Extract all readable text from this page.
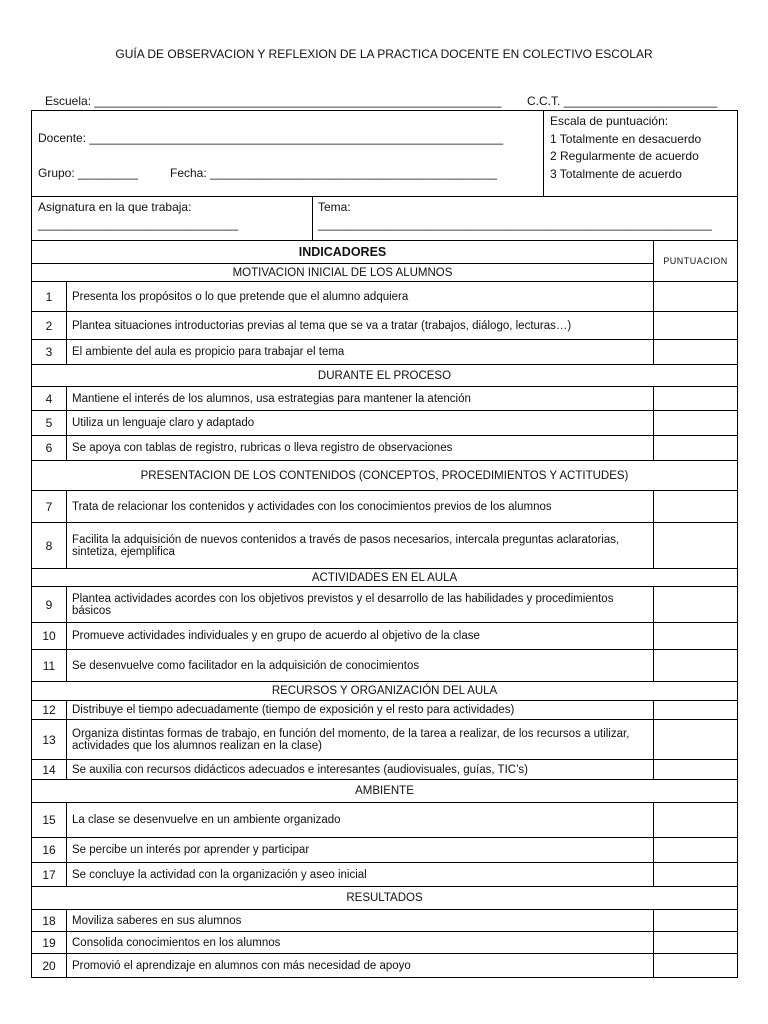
GUÍA DE OBSERVACION Y REFLEXION DE LA PRACTICA DOCENTE EN COLECTIVO ESCOLAR
Escuela: _____________________________________________________________ C.C.T. _______________________
Docente: ______________________________________________________________
Grupo: _________	Fecha: ___________________________________________
Escala de puntuación:
1 Totalmente en desacuerdo
2 Regularmente de acuerdo
3 Totalmente de acuerdo
Asignatura en la que trabaja:
______________________________
Tema:
___________________________________________________________
INDICADORES		PUNTUACION
MOTIVACION INICIAL DE LOS ALUMNOS		
1	Presenta los propósitos o lo que pretende que el alumno adquiera	
2	Plantea situaciones introductorias previas al tema que se va a tratar (trabajos, diálogo, lecturas…)	
3	El ambiente del aula es propicio para trabajar el tema	
DURANTE EL PROCESO		
4	Mantiene el interés de los alumnos, usa estrategias para mantener la atención	
5	Utiliza un lenguaje claro y adaptado	
6	Se apoya con tablas de registro, rubricas o lleva registro de observaciones	
PRESENTACION DE LOS CONTENIDOS (CONCEPTOS, PROCEDIMIENTOS Y ACTITUDES)		
7	Trata de relacionar los contenidos y actividades con los conocimientos previos de los alumnos	
8	Facilita la adquisición de nuevos contenidos a través de pasos necesarios, intercala preguntas aclaratorias, sintetiza, ejemplifica	
ACTIVIDADES EN EL AULA		
9	Plantea actividades acordes con los objetivos previstos y el desarrollo de las habilidades y procedimientos básicos	
10	Promueve actividades individuales y en grupo de acuerdo al objetivo de la clase	
11	Se desenvuelve como facilitador en la adquisición de conocimientos	
RECURSOS Y ORGANIZACIÓN DEL AULA		
12	Distribuye el tiempo adecuadamente (tiempo de exposición y el resto para actividades)	
13	Organiza distintas formas de trabajo, en función del momento, de la tarea a realizar, de los recursos a utilizar, actividades que los alumnos realizan en la clase)	
14	Se auxilia con recursos didácticos adecuados e interesantes (audiovisuales, guías, TIC’s)	
AMBIENTE		
15	La clase se desenvuelve en un ambiente organizado	
16	Se percibe un interés por aprender y participar	
17	Se concluye la actividad con la organización y aseo inicial	
RESULTADOS		
18	Moviliza saberes en sus alumnos	
19	Consolida conocimientos en los alumnos	
20	Promovió el aprendizaje en alumnos con más necesidad de apoyo	
